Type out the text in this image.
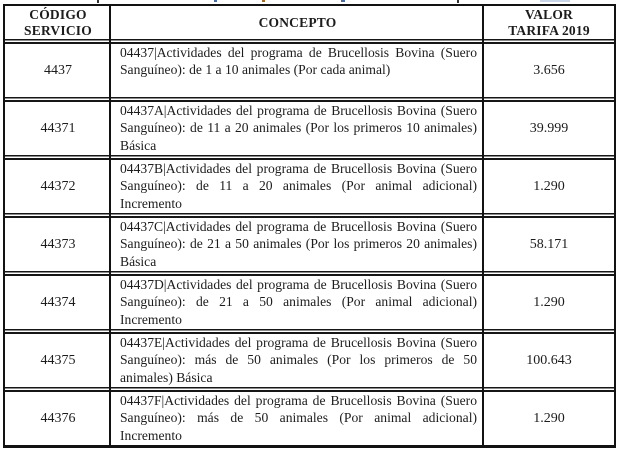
CÓDIGO
SERVICIO
CONCEPTO
VALOR
TARIFA 2019
4437
04437|Actividades del programa de Brucellosis Bovina (Suero Sanguíneo): de 1 a 10 animales (Por cada animal)	3.656
44371
04437A|Actividades del programa de Brucellosis Bovina (Suero Sanguíneo): de 11 a 20 animales (Por los primeros 10 animales) Básica
39.999
44372
04437B|Actividades del programa de Brucellosis Bovina (Suero Sanguíneo): de 11 a 20 animales (Por animal adicional) Incremento
1.290
44373
04437C|Actividades del programa de Brucellosis Bovina (Suero Sanguíneo): de 21 a 50 animales (Por los primeros 20 animales) Básica
58.171
44374
04437D|Actividades del programa de Brucellosis Bovina (Suero Sanguíneo): de 21 a 50 animales (Por animal adicional) Incremento
1.290
44375
04437E|Actividades del programa de Brucellosis Bovina (Suero Sanguíneo): más de 50 animales (Por los primeros de 50 animales) Básica
100.643
44376
04437F|Actividades del programa de Brucellosis Bovina (Suero Sanguíneo): más de 50 animales (Por animal adicional) Incremento
1.290
